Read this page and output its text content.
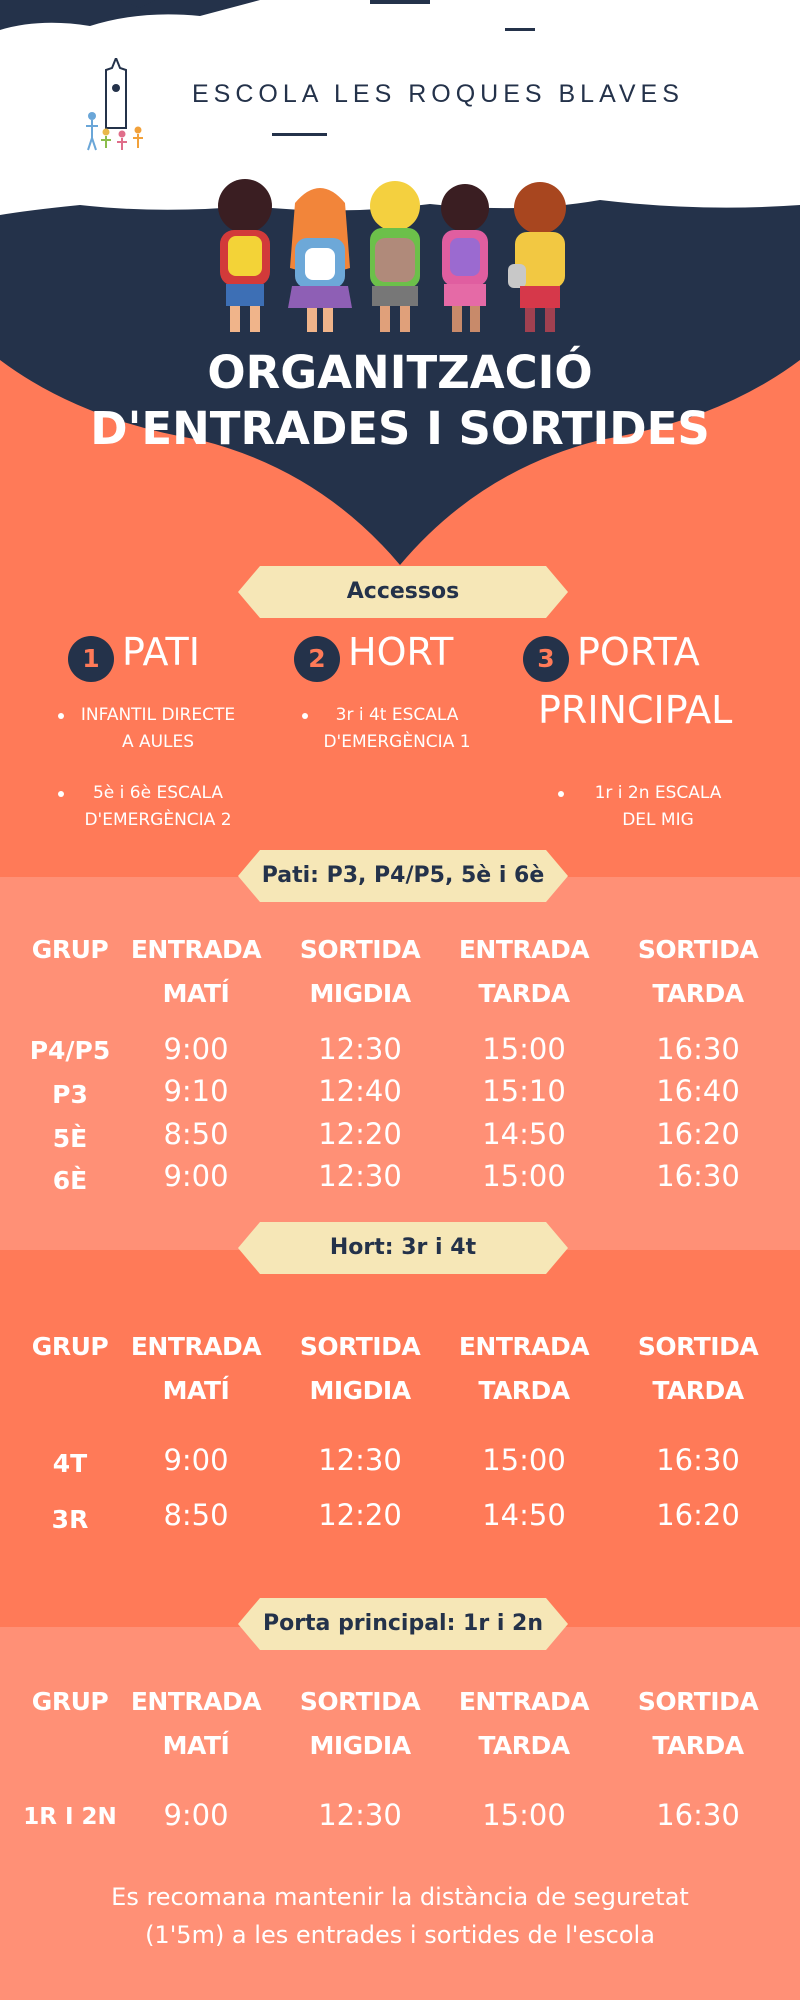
ESCOLA LES ROQUES BLAVES
ORGANITZACIÓ
D'ENTRADES I SORTIDES
Accessos
1 PATI	2 HORT	3 PORTA
PRINCIPAL
INFANTIL DIRECTE
A AULES
3r i 4t ESCALA
D'EMERGÈNCIA 1
5è i 6è ESCALA
D'EMERGÈNCIA 2
1r i 2n ESCALA
DEL MIG
Pati: P3, P4/P5, 5è i 6è
GRUP ENTRADA
MATÍ
SORTIDA
MIGDIA
ENTRADA
TARDA
SORTIDA
TARDA
P4/P5	9:00	12:30	15:00	16:30
P3	9:10	12:40	15:10	16:40
5È	8:50	12:20	14:50	16:20
6È	9:00	12:30	15:00	16:30
Hort: 3r i 4t
GRUP ENTRADA
MATÍ
SORTIDA
MIGDIA
ENTRADA
TARDA
SORTIDA
TARDA
4T	9:00	12:30	15:00	16:30
3R	8:50	12:20	14:50	16:20
Porta principal: 1r i 2n
GRUP ENTRADA
MATÍ
SORTIDA
MIGDIA
ENTRADA
TARDA
SORTIDA
TARDA
1R I 2N	9:00	12:30	15:00	16:30
Es recomana mantenir la distància de seguretat
(1'5m) a les entrades i sortides de l'escola
